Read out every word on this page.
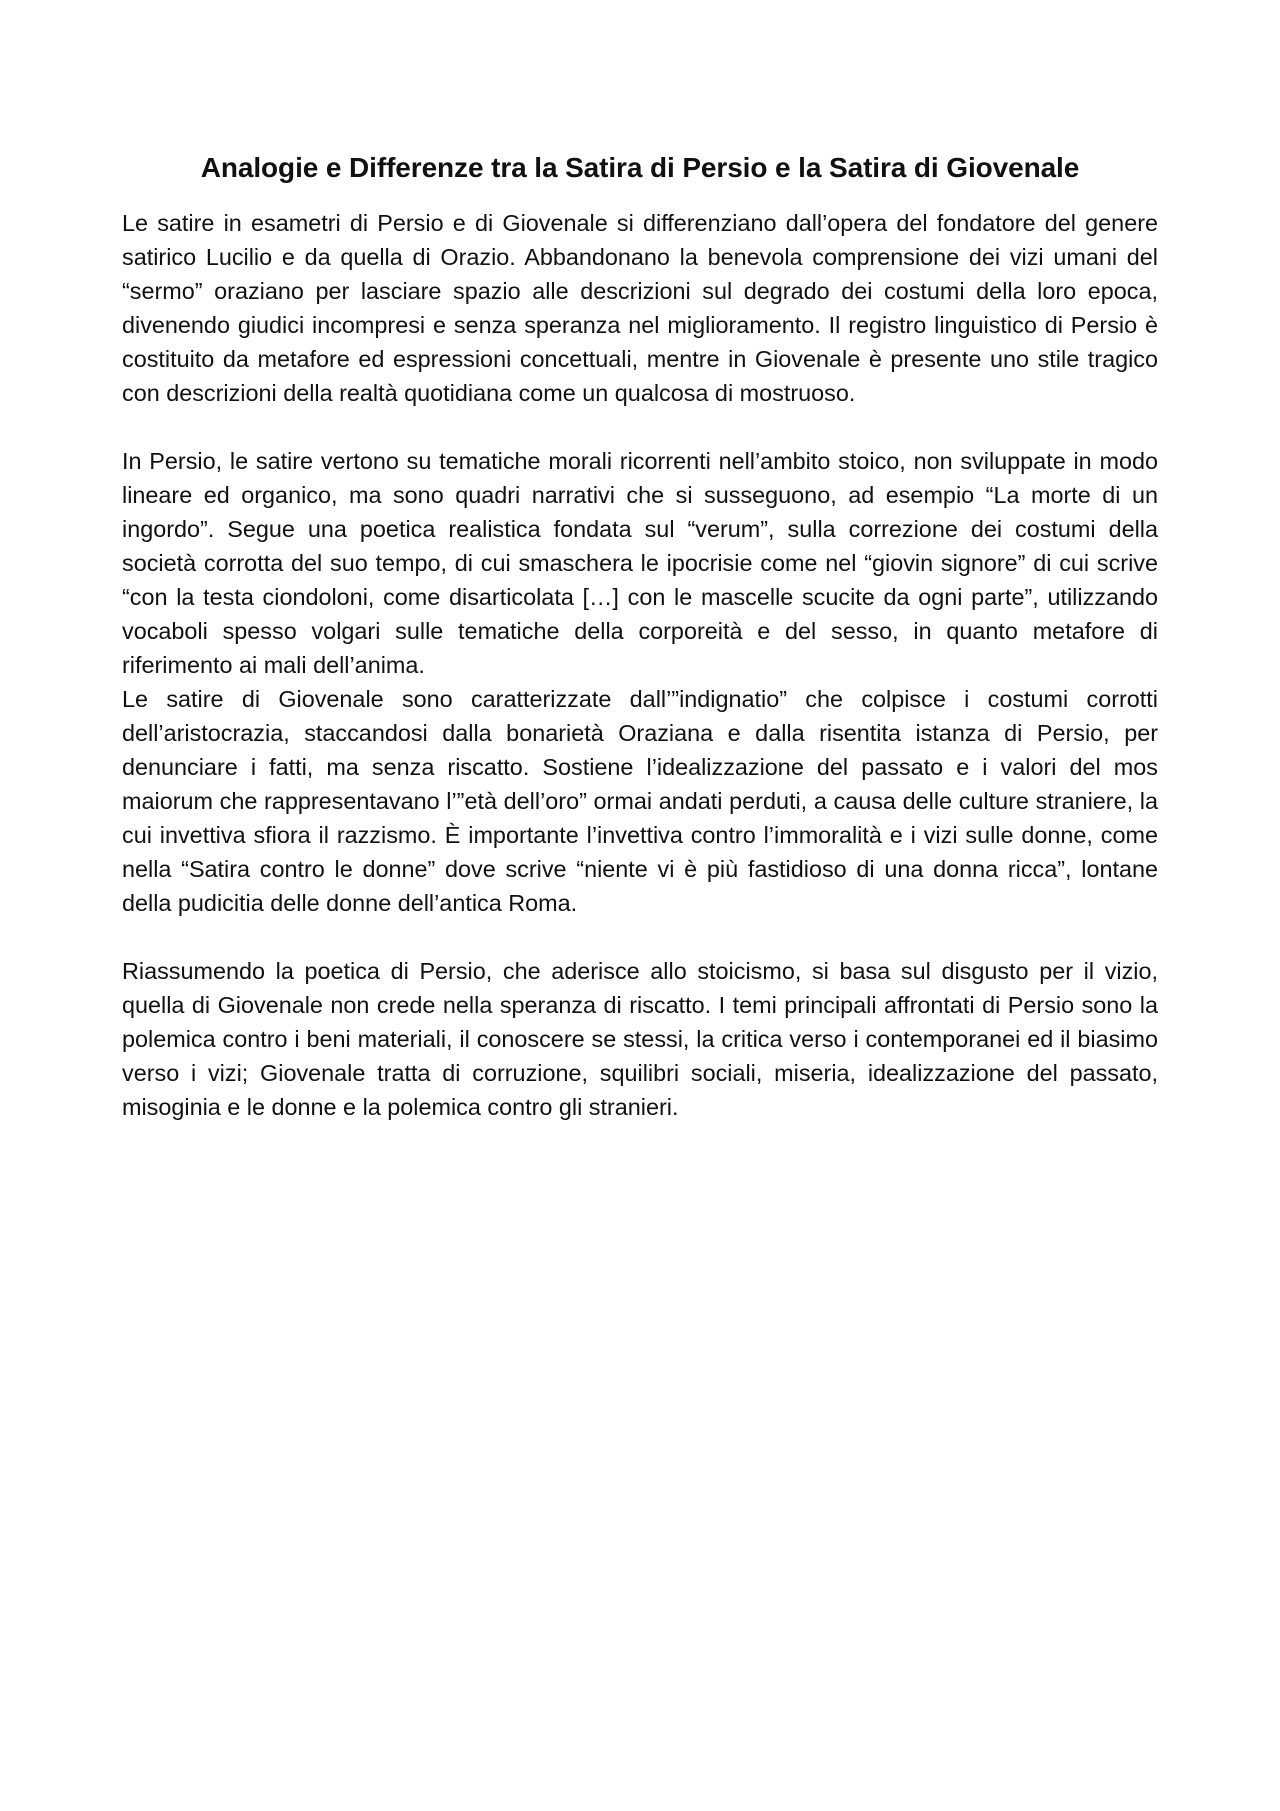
Analogie e Differenze tra la Satira di Persio e la Satira di Giovenale

Le satire in esametri di Persio e di Giovenale si differenziano dall’opera del fondatore del genere satirico Lucilio e da quella di Orazio. Abbandonano la benevola comprensione dei vizi umani del “sermo” oraziano per lasciare spazio alle descrizioni sul degrado dei costumi della loro epoca, divenendo giudici incompresi e senza speranza nel miglioramento. Il registro linguistico di Persio è costituito da metafore ed espressioni concettuali, mentre in Giovenale è presente uno stile tragico con descrizioni della realtà quotidiana come un qualcosa di mostruoso.

In Persio, le satire vertono su tematiche morali ricorrenti nell’ambito stoico, non sviluppate in modo lineare ed organico, ma sono quadri narrativi che si susseguono, ad esempio “La morte di un ingordo”. Segue una poetica realistica fondata sul “verum”, sulla correzione dei costumi della società corrotta del suo tempo, di cui smaschera le ipocrisie come nel “giovin signore” di cui scrive “con la testa ciondoloni, come disarticolata […] con le mascelle scucite da ogni parte”, utilizzando vocaboli spesso volgari sulle tematiche della corporeità e del sesso, in quanto metafore di riferimento ai mali dell’anima.

Le satire di Giovenale sono caratterizzate dall’”indignatio” che colpisce i costumi corrotti dell’aristocrazia, staccandosi dalla bonarietà Oraziana e dalla risentita istanza di Persio, per denunciare i fatti, ma senza riscatto. Sostiene l’idealizzazione del passato e i valori del mos maiorum che rappresentavano l’”età dell’oro” ormai andati perduti, a causa delle culture straniere, la cui invettiva sfiora il razzismo. È importante l’invettiva contro l’immoralità e i vizi sulle donne, come nella “Satira contro le donne” dove scrive “niente vi è più fastidioso di una donna ricca”, lontane della pudicitia delle donne dell’antica Roma.

Riassumendo la poetica di Persio, che aderisce allo stoicismo, si basa sul disgusto per il vizio, quella di Giovenale non crede nella speranza di riscatto. I temi principali affrontati di Persio sono la polemica contro i beni materiali, il conoscere se stessi, la critica verso i contemporanei ed il biasimo verso i vizi; Giovenale tratta di corruzione, squilibri sociali, miseria, idealizzazione del passato, misoginia e le donne e la polemica contro gli stranieri.
